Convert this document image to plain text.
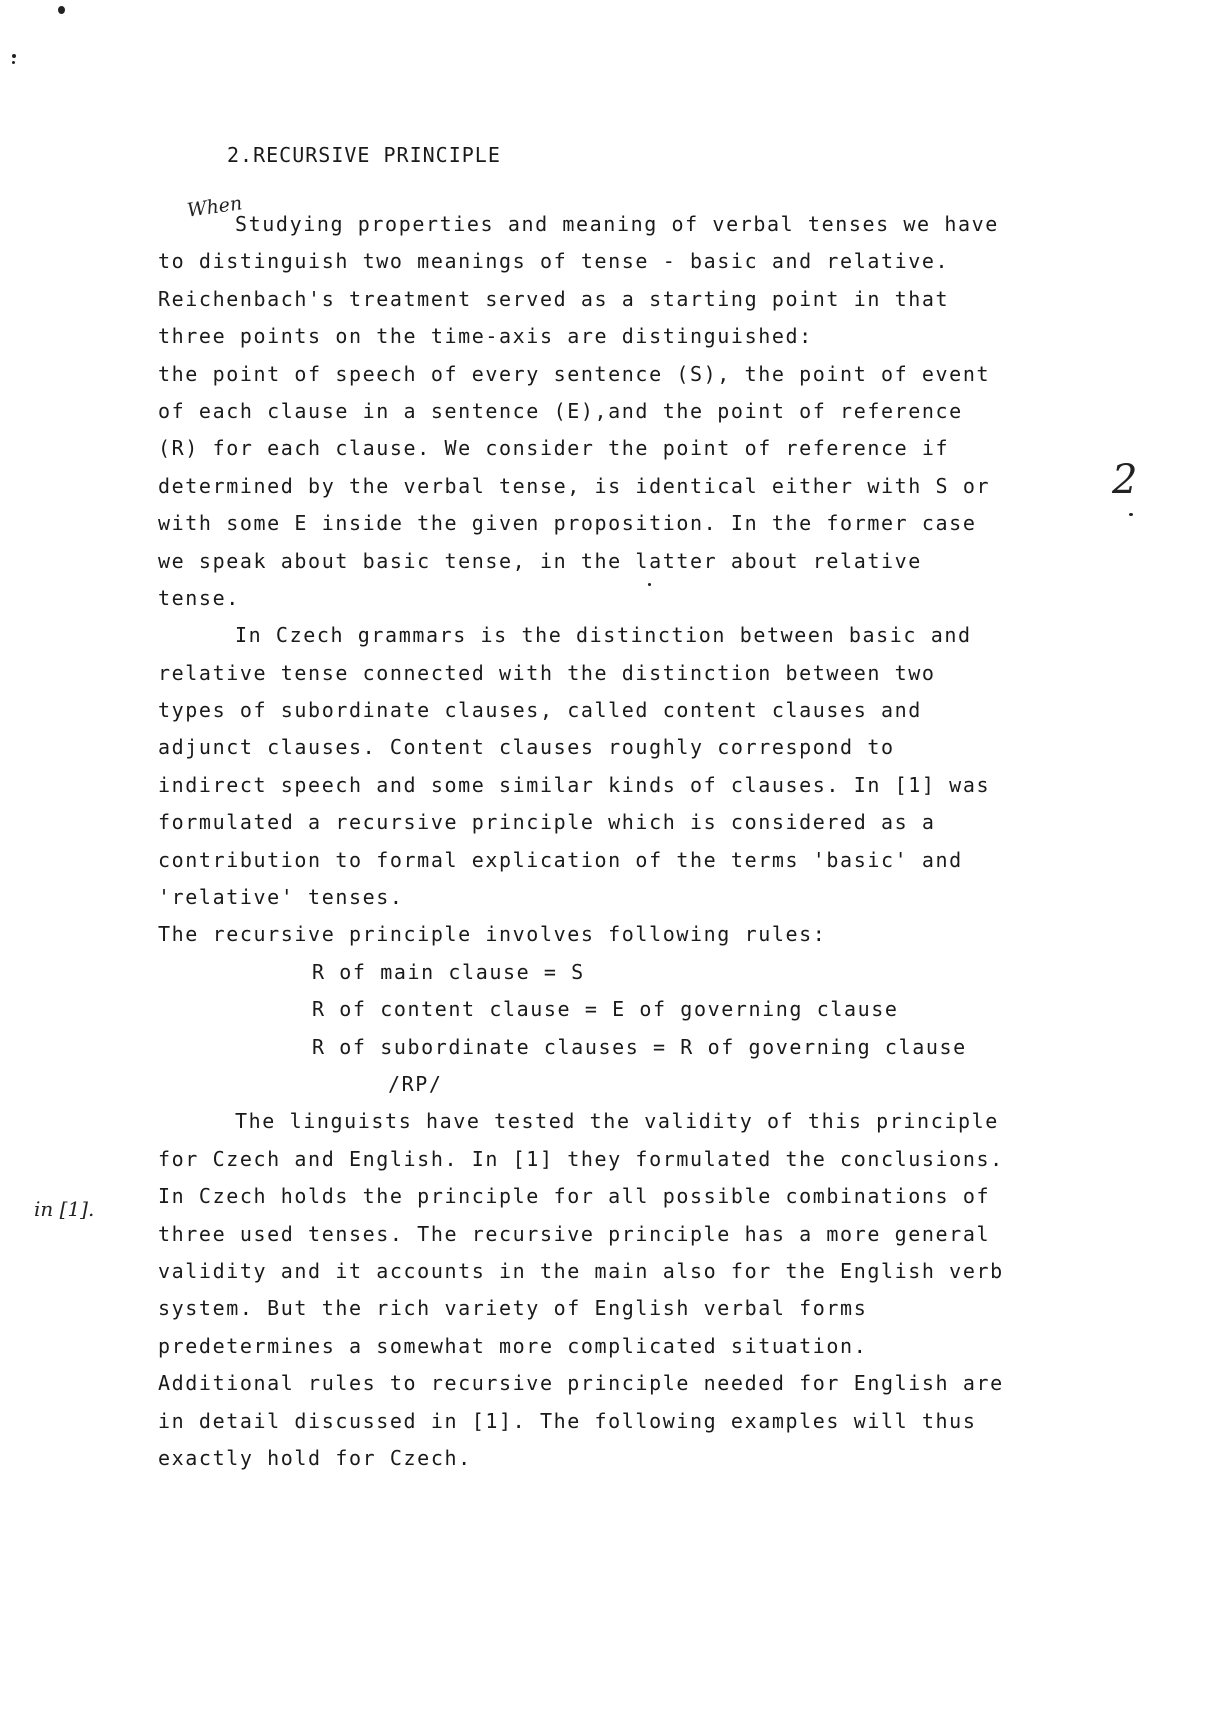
2.RECURSIVE PRINCIPLE
When
in [1].
2
Studying properties and meaning of verbal tenses we have
to distinguish two meanings of tense - basic and relative.
Reichenbach's treatment served as a starting point in that
three points on the time-axis are distinguished:
the point of speech of every sentence (S), the point of event
of each clause in a sentence (E),and the point of reference
(R) for each clause. We consider the point of reference if
determined by the verbal tense, is identical either with S or
with some E inside the given proposition. In the former case
we speak about basic tense, in the latter about relative
tense.
In Czech grammars is the distinction between basic and
relative tense connected with the distinction between two
types of subordinate clauses, called content clauses and
adjunct clauses. Content clauses roughly correspond to
indirect speech and some similar kinds of clauses. In [1] was
formulated a recursive principle which is considered as a
contribution to formal explication of the terms 'basic' and
'relative' tenses.
The recursive principle involves following rules:
R of main clause = S
R of content clause = E of governing clause
R of subordinate clauses = R of governing clause
/RP/
The linguists have tested the validity of this principle
for Czech and English. In [1] they formulated the conclusions.
In Czech holds the principle for all possible combinations of
three used tenses. The recursive principle has a more general
validity and it accounts in the main also for the English verb
system. But the rich variety of English verbal forms
predetermines a somewhat more complicated situation.
Additional rules to recursive principle needed for English are
in detail discussed in [1]. The following examples will thus
exactly hold for Czech.
